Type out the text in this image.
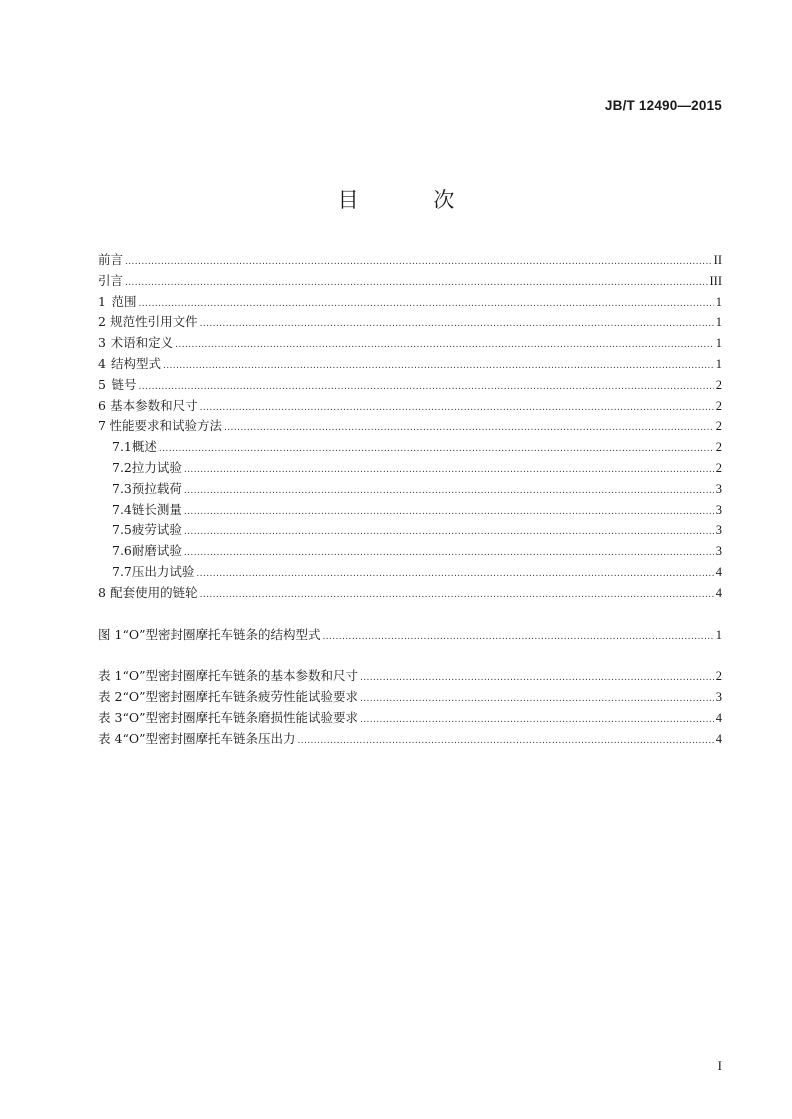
JB/T 12490—2015
目 次
前言 .....	II
引言 .....	III
1 范围 .....	1
2 规范性引用文件 .....	1
3 术语和定义 .....	1
4 结构型式 .....	1
5 链号 .....	2
6 基本参数和尺寸 .....	2
7 性能要求和试验方法 .....	2
7.1 概述 .....	2
7.2 拉力试验 .....	2
7.3 预拉载荷 .....	3
7.4 链长测量 .....	3
7.5 疲劳试验 .....	3
7.6 耐磨试验 .....	3
7.7 压出力试验 .....	4
8 配套使用的链轮 .....	4
图 1 “O”型密封圈摩托车链条的结构型式 .....	1
表 1 “O”型密封圈摩托车链条的基本参数和尺寸 .....	2
表 2 “O”型密封圈摩托车链条疲劳性能试验要求 .....	3
表 3 “O”型密封圈摩托车链条磨损性能试验要求 .....	4
表 4 “O”型密封圈摩托车链条压出力 .....	4
I
